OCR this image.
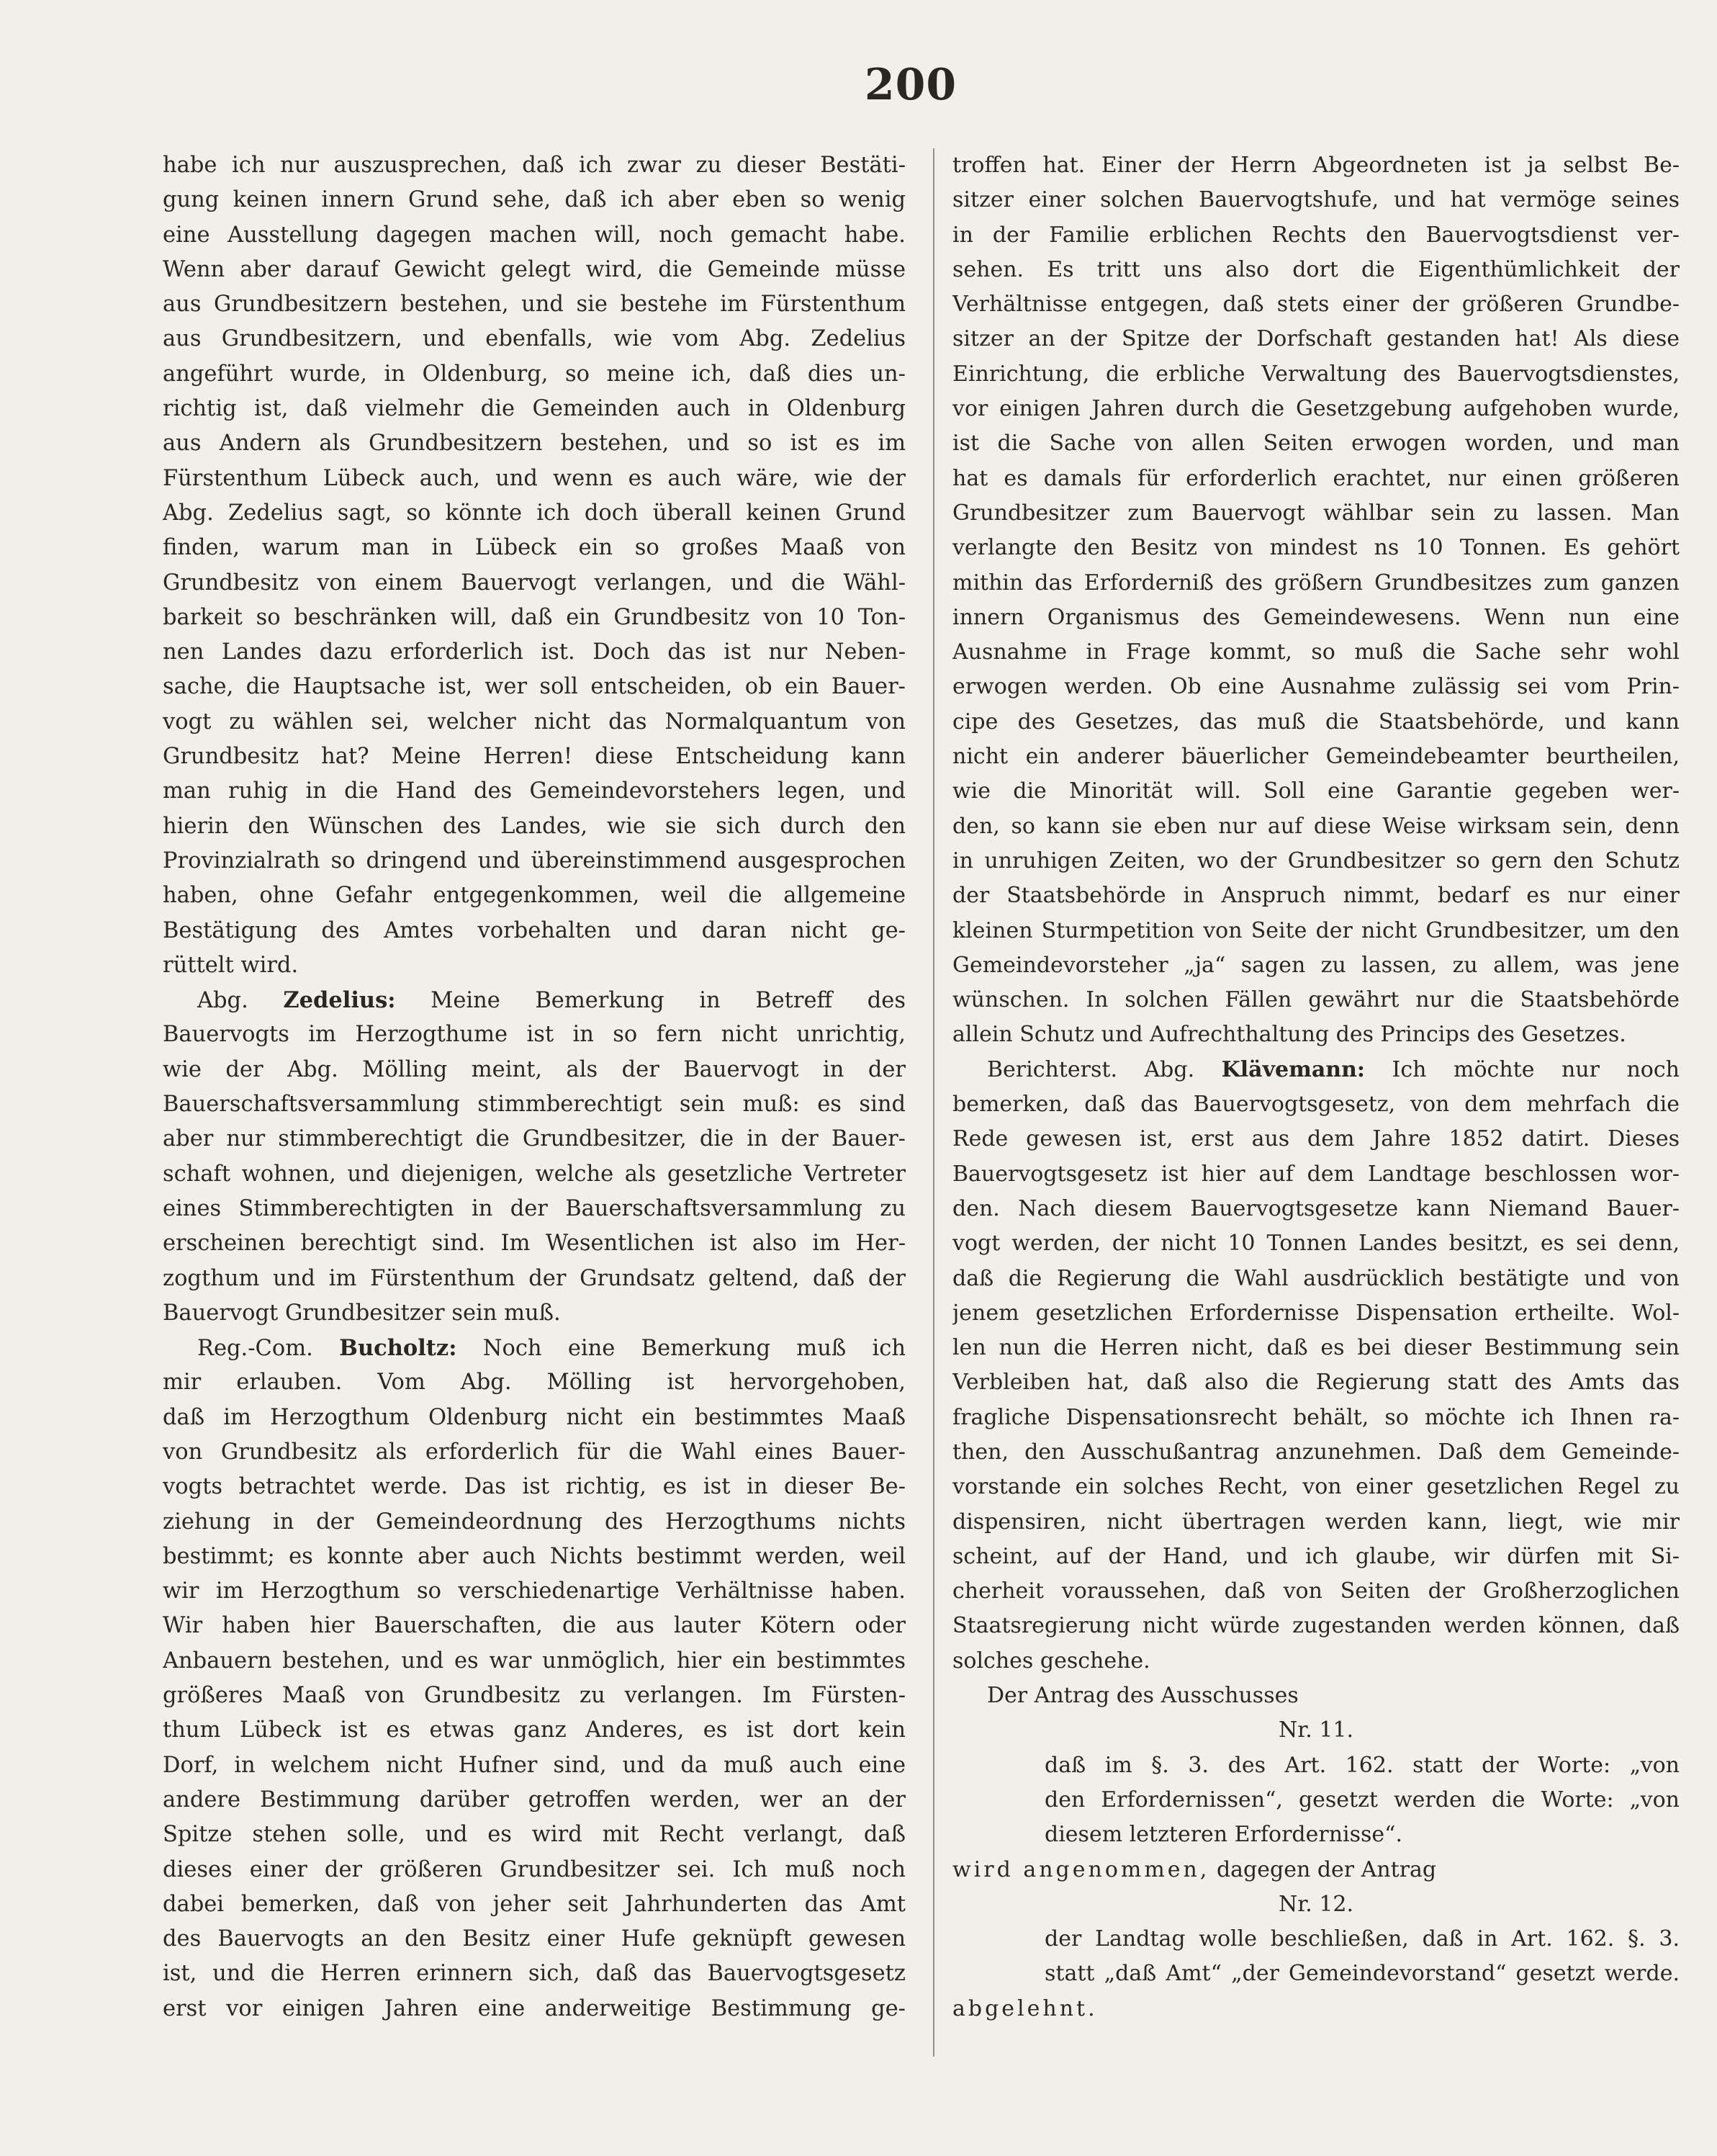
200
habe ich nur auszusprechen, daß ich zwar zu dieser Bestäti-
gung keinen innern Grund sehe, daß ich aber eben so wenig
eine Ausstellung dagegen machen will, noch gemacht habe.
Wenn aber darauf Gewicht gelegt wird, die Gemeinde müsse
aus Grundbesitzern bestehen, und sie bestehe im Fürstenthum
aus Grundbesitzern, und ebenfalls, wie vom Abg. Zedelius
angeführt wurde, in Oldenburg, so meine ich, daß dies un-
richtig ist, daß vielmehr die Gemeinden auch in Oldenburg
aus Andern als Grundbesitzern bestehen, und so ist es im
Fürstenthum Lübeck auch, und wenn es auch wäre, wie der
Abg. Zedelius sagt, so könnte ich doch überall keinen Grund
finden, warum man in Lübeck ein so großes Maaß von
Grundbesitz von einem Bauervogt verlangen, und die Wähl-
barkeit so beschränken will, daß ein Grundbesitz von 10 Ton-
nen Landes dazu erforderlich ist. Doch das ist nur Neben-
sache, die Hauptsache ist, wer soll entscheiden, ob ein Bauer-
vogt zu wählen sei, welcher nicht das Normalquantum von
Grundbesitz hat? Meine Herren! diese Entscheidung kann
man ruhig in die Hand des Gemeindevorstehers legen, und
hierin den Wünschen des Landes, wie sie sich durch den
Provinzialrath so dringend und übereinstimmend ausgesprochen
haben, ohne Gefahr entgegenkommen, weil die allgemeine
Bestätigung des Amtes vorbehalten und daran nicht ge-
rüttelt wird.
Abg. Zedelius: Meine Bemerkung in Betreff des
Bauervogts im Herzogthume ist in so fern nicht unrichtig,
wie der Abg. Mölling meint, als der Bauervogt in der
Bauerschaftsversammlung stimmberechtigt sein muß: es sind
aber nur stimmberechtigt die Grundbesitzer, die in der Bauer-
schaft wohnen, und diejenigen, welche als gesetzliche Vertreter
eines Stimmberechtigten in der Bauerschaftsversammlung zu
erscheinen berechtigt sind. Im Wesentlichen ist also im Her-
zogthum und im Fürstenthum der Grundsatz geltend, daß der
Bauervogt Grundbesitzer sein muß.
Reg.-Com. Bucholtz: Noch eine Bemerkung muß ich
mir erlauben. Vom Abg. Mölling ist hervorgehoben,
daß im Herzogthum Oldenburg nicht ein bestimmtes Maaß
von Grundbesitz als erforderlich für die Wahl eines Bauer-
vogts betrachtet werde. Das ist richtig, es ist in dieser Be-
ziehung in der Gemeindeordnung des Herzogthums nichts
bestimmt; es konnte aber auch Nichts bestimmt werden, weil
wir im Herzogthum so verschiedenartige Verhältnisse haben.
Wir haben hier Bauerschaften, die aus lauter Kötern oder
Anbauern bestehen, und es war unmöglich, hier ein bestimmtes
größeres Maaß von Grundbesitz zu verlangen. Im Fürsten-
thum Lübeck ist es etwas ganz Anderes, es ist dort kein
Dorf, in welchem nicht Hufner sind, und da muß auch eine
andere Bestimmung darüber getroffen werden, wer an der
Spitze stehen solle, und es wird mit Recht verlangt, daß
dieses einer der größeren Grundbesitzer sei. Ich muß noch
dabei bemerken, daß von jeher seit Jahrhunderten das Amt
des Bauervogts an den Besitz einer Hufe geknüpft gewesen
ist, und die Herren erinnern sich, daß das Bauervogtsgesetz
erst vor einigen Jahren eine anderweitige Bestimmung ge-
troffen hat. Einer der Herrn Abgeordneten ist ja selbst Be-
sitzer einer solchen Bauervogtshufe, und hat vermöge seines
in der Familie erblichen Rechts den Bauervogtsdienst ver-
sehen. Es tritt uns also dort die Eigenthümlichkeit der
Verhältnisse entgegen, daß stets einer der größeren Grundbe-
sitzer an der Spitze der Dorfschaft gestanden hat! Als diese
Einrichtung, die erbliche Verwaltung des Bauervogtsdienstes,
vor einigen Jahren durch die Gesetzgebung aufgehoben wurde,
ist die Sache von allen Seiten erwogen worden, und man
hat es damals für erforderlich erachtet, nur einen größeren
Grundbesitzer zum Bauervogt wählbar sein zu lassen. Man
verlangte den Besitz von mindest ns 10 Tonnen. Es gehört
mithin das Erforderniß des größern Grundbesitzes zum ganzen
innern Organismus des Gemeindewesens. Wenn nun eine
Ausnahme in Frage kommt, so muß die Sache sehr wohl
erwogen werden. Ob eine Ausnahme zulässig sei vom Prin-
cipe des Gesetzes, das muß die Staatsbehörde, und kann
nicht ein anderer bäuerlicher Gemeindebeamter beurtheilen,
wie die Minorität will. Soll eine Garantie gegeben wer-
den, so kann sie eben nur auf diese Weise wirksam sein, denn
in unruhigen Zeiten, wo der Grundbesitzer so gern den Schutz
der Staatsbehörde in Anspruch nimmt, bedarf es nur einer
kleinen Sturmpetition von Seite der nicht Grundbesitzer, um den
Gemeindevorsteher „ja“ sagen zu lassen, zu allem, was jene
wünschen. In solchen Fällen gewährt nur die Staatsbehörde
allein Schutz und Aufrechthaltung des Princips des Gesetzes.
Berichterst. Abg. Klävemann: Ich möchte nur noch
bemerken, daß das Bauervogtsgesetz, von dem mehrfach die
Rede gewesen ist, erst aus dem Jahre 1852 datirt. Dieses
Bauervogtsgesetz ist hier auf dem Landtage beschlossen wor-
den. Nach diesem Bauervogtsgesetze kann Niemand Bauer-
vogt werden, der nicht 10 Tonnen Landes besitzt, es sei denn,
daß die Regierung die Wahl ausdrücklich bestätigte und von
jenem gesetzlichen Erfordernisse Dispensation ertheilte. Wol-
len nun die Herren nicht, daß es bei dieser Bestimmung sein
Verbleiben hat, daß also die Regierung statt des Amts das
fragliche Dispensationsrecht behält, so möchte ich Ihnen ra-
then, den Ausschußantrag anzunehmen. Daß dem Gemeinde-
vorstande ein solches Recht, von einer gesetzlichen Regel zu
dispensiren, nicht übertragen werden kann, liegt, wie mir
scheint, auf der Hand, und ich glaube, wir dürfen mit Si-
cherheit voraussehen, daß von Seiten der Großherzoglichen
Staatsregierung nicht würde zugestanden werden können, daß
solches geschehe.
Der Antrag des Ausschusses
Nr. 11.
daß im §. 3. des Art. 162. statt der Worte: „von
den Erfordernissen“, gesetzt werden die Worte: „von
diesem letzteren Erfordernisse“.
wird angenommen, dagegen der Antrag
Nr. 12.
der Landtag wolle beschließen, daß in Art. 162. §. 3.
statt „daß Amt“ „der Gemeindevorstand“ gesetzt werde.
abgelehnt.
